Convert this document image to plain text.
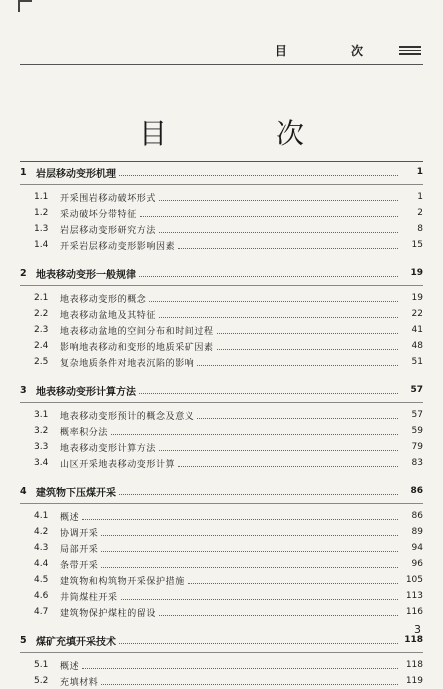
目 次
目 次
1 岩层移动变形机理	1
1.1	开采围岩移动破坏形式	1
1.2	采动破坏分带特征	2
1.3	岩层移动变形研究方法	8
1.4	开采岩层移动变形影响因素	15
2 地表移动变形一般规律	19
2.1	地表移动变形的概念	19
2.2	地表移动盆地及其特征	22
2.3	地表移动盆地的空间分布和时间过程	41
2.4	影响地表移动和变形的地质采矿因素	48
2.5	复杂地质条件对地表沉陷的影响	51
3 地表移动变形计算方法	57
3.1	地表移动变形预计的概念及意义	57
3.2	概率积分法	59
3.3	地表移动变形计算方法	79
3.4	山区开采地表移动变形计算	83
4 建筑物下压煤开采	86
4.1	概述	86
4.2	协调开采	89
4.3	局部开采	94
4.4	条带开采	96
4.5	建筑物和构筑物开采保护措施	105
4.6	井筒煤柱开采	113
4.7	建筑物保护煤柱的留设	116
5 煤矿充填开采技术	118
5.1	概述	118
5.2	充填材料	119
3
